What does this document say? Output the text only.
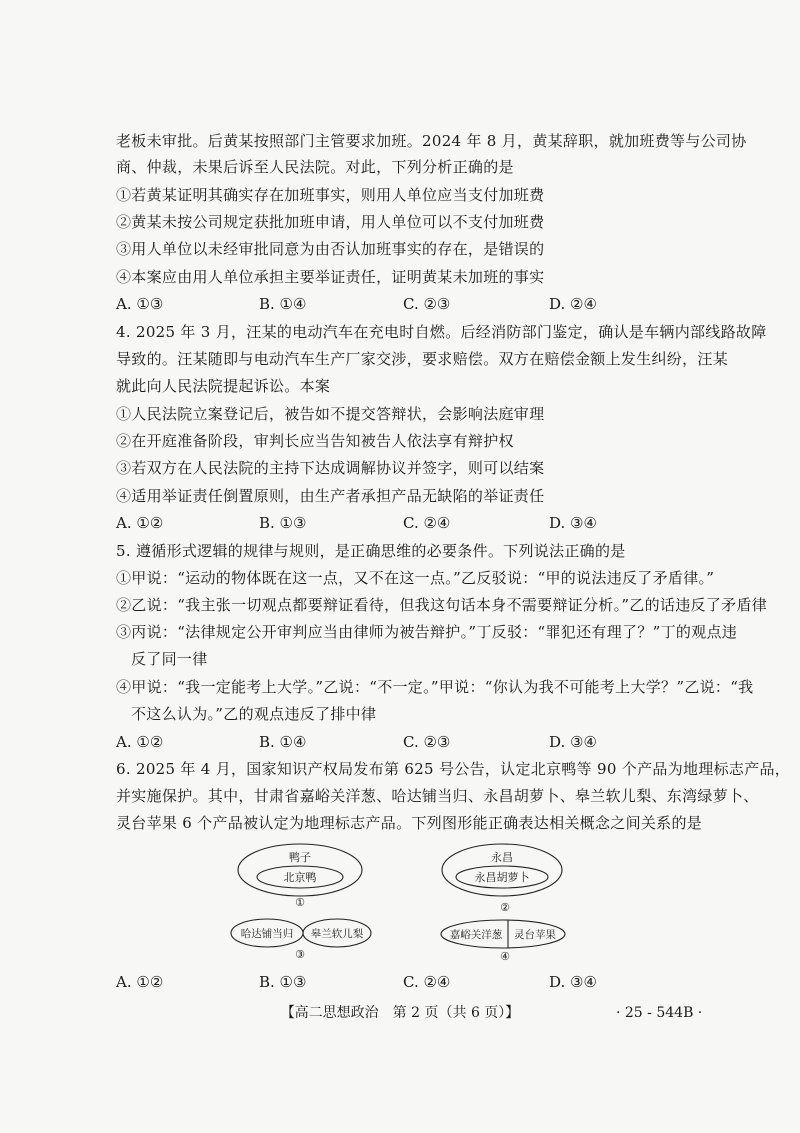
老板未审批。后黄某按照部门主管要求加班。2024 年 8 月，黄某辞职，就加班费等与公司协
商、仲裁，未果后诉至人民法院。对此，下列分析正确的是
①若黄某证明其确实存在加班事实，则用人单位应当支付加班费
②黄某未按公司规定获批加班申请，用人单位可以不支付加班费
③用人单位以未经审批同意为由否认加班事实的存在，是错误的
④本案应由用人单位承担主要举证责任，证明黄某未加班的事实
A. ①③	B. ①④	C. ②③	D. ②④
4. 2025 年 3 月，汪某的电动汽车在充电时自燃。后经消防部门鉴定，确认是车辆内部线路故障
导致的。汪某随即与电动汽车生产厂家交涉，要求赔偿。双方在赔偿金额上发生纠纷，汪某
就此向人民法院提起诉讼。本案
①人民法院立案登记后，被告如不提交答辩状，会影响法庭审理
②在开庭准备阶段，审判长应当告知被告人依法享有辩护权
③若双方在人民法院的主持下达成调解协议并签字，则可以结案
④适用举证责任倒置原则，由生产者承担产品无缺陷的举证责任
A. ①②	B. ①③	C. ②④	D. ③④
5. 遵循形式逻辑的规律与规则，是正确思维的必要条件。下列说法正确的是
①甲说：“运动的物体既在这一点，又不在这一点。”乙反驳说：“甲的说法违反了矛盾律。”
②乙说：“我主张一切观点都要辩证看待，但我这句话本身不需要辩证分析。”乙的话违反了矛盾律
③丙说：“法律规定公开审判应当由律师为被告辩护。”丁反驳：“罪犯还有理了？”丁的观点违
反了同一律
④甲说：“我一定能考上大学。”乙说：“不一定。”甲说：“你认为我不可能考上大学？”乙说：“我
不这么认为。”乙的观点违反了排中律
A. ①②	B. ①④	C. ②③	D. ③④
6. 2025 年 4 月，国家知识产权局发布第 625 号公告，认定北京鸭等 90 个产品为地理标志产品，
并实施保护。其中，甘肃省嘉峪关洋葱、哈达铺当归、永昌胡萝卜、皋兰软儿梨、东湾绿萝卜、
灵台苹果 6 个产品被认定为地理标志产品。下列图形能正确表达相关概念之间关系的是
鸭子
北京鸭
①
永昌
永昌胡萝卜
②
哈达铺当归 皋兰软儿梨
③
嘉峪关洋葱 灵台苹果
④
A. ①②	B. ①③	C. ②④	D. ③④
【高二思想政治　第 2 页（共 6 页）】	· 25 - 544B ·
